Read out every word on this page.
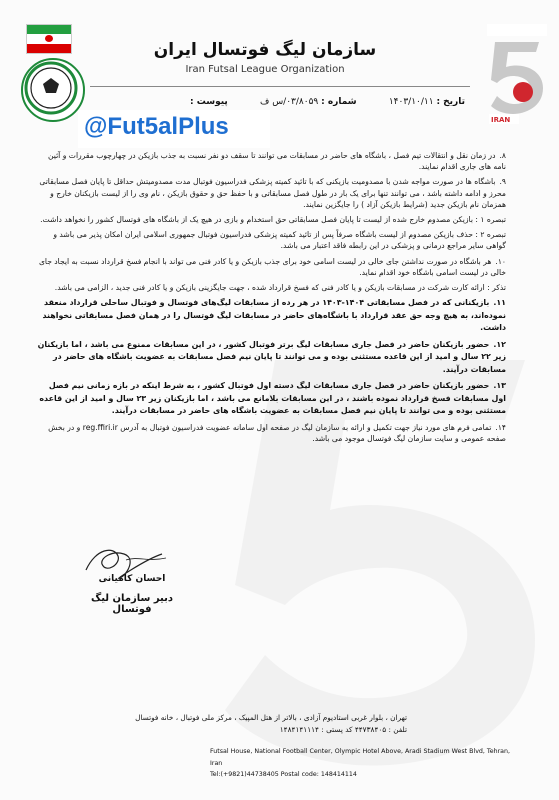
IRAN
سازمان لیگ فوتسال ایران
Iran Futsal League Organization
تاریخ : ۱۴۰۳/۱۰/۱۱
شماره : ۰۳/۸۰۵۹/س ف
پیوست :
@Fut5alPlus
۸.در زمان نقل و انتقالات تیم فصل ، باشگاه های حاضر در مسابقات می توانند تا سقف دو نفر نسبت به جذب بازیکن در چهارچوب مقررات و آئین نامه های جاری اقدام نمایند.
۹.باشگاه ها در صورت مواجه شدن با مصدومیت بازیکنی که با تائید کمیته پزشکی فدراسیون فوتبال مدت مصدومیتش حداقل تا پایان فصل مسابقاتی محرز و ادامه داشته باشد ، می توانند تنها برای یک بار در طول فصل مسابقاتی و با حفظ حق و حقوق بازیکن ، نام وی را از لیست بازیکنان خارج و همزمان نام بازیکن جدید (شرایط بازیکن آزاد ) را جایگزین نمایند.
تبصره ۱ : بازیکن مصدوم خارج شده از لیست تا پایان فصل مسابقاتی حق استخدام و بازی در هیچ یک از باشگاه های فوتسال کشور را نخواهد داشت.
تبصره ۲ : حذف بازیکن مصدوم از لیست باشگاه صرفاً پس از تائید کمیته پزشکی فدراسیون فوتبال جمهوری اسلامی ایران امکان پذیر می باشد و گواهی سایر مراجع درمانی و پزشکی در این رابطه فاقد اعتبار می باشد.
۱۰.هر باشگاه در صورت نداشتن جای خالی در لیست اسامی خود برای جذب بازیکن و یا کادر فنی می تواند با انجام فسخ قرارداد نسبت به ایجاد جای خالی در لیست اسامی باشگاه خود اقدام نماید.
تذکر : ارائه کارت شرکت در مسابقات بازیکن و یا کادر فنی که فسخ قرارداد شده ، جهت جایگزینی بازیکن و یا کادر فنی جدید ، الزامی می باشد.
۱۱.بازیکنانی که در فصل مسابقاتی ۱۴۰۴-۱۴۰۳ در هر رده از مسابقات لیگ‌های فوتسال و فوتبال ساحلی قرارداد منعقد نموده‌اند، به هیچ وجه حق عقد قرارداد با باشگاه‌های حاضر در مسابقات لیگ فوتسال را در همان فصل مسابقاتی نخواهند داشت.
۱۲.حضور بازیکنان حاضر در فصل جاری مسابقات لیگ برتر فوتبال کشور ، در این مسابقات ممنوع می باشد ، اما بازیکنان زیر ۲۲ سال و امید از این قاعده مستثنی بوده و می توانند تا پایان نیم فصل مسابقات به عضویت باشگاه های حاضر در مسابقات درآیند.
۱۳.حضور بازیکنان حاضر در فصل جاری مسابقات لیگ دسته اول فوتبال کشور ، به شرط اینکه در بازه زمانی نیم فصل اول مسابقات فسخ قرارداد نموده باشند ، در این مسابقات بلامانع می باشد ، اما بازیکنان زیر ۲۳ سال و امید از این قاعده مستثنی بوده و می توانند تا پایان نیم فصل مسابقات به عضویت باشگاه های حاضر در مسابقات درآیند.
۱۴.تمامی فرم های مورد نیاز جهت تکمیل و ارائه به سازمان لیگ در صفحه اول سامانه عضویت فدراسیون فوتبال به آدرس reg.ffiri.ir و در بخش صفحه عمومی و سایت سازمان لیگ فوتسال موجود می باشد.
احسان کامیانی
دبیر سازمان لیگ فوتسال
تهران ، بلوار غربی استادیوم آزادی ، بالاتر از هتل المپیک ، مرکز ملی فوتبال ، خانه فوتسال
تلفن : ۴۴۷۳۸۴۰۵ کد پستی : ۱۴۸۴۱۴۱۱۱۴
Futsal House, National Football Center, Olympic Hotel Above, Aradi Stadium West Blvd, Tehran, Iran
Tel:(+9821)44738405 Postal code: 148414114
